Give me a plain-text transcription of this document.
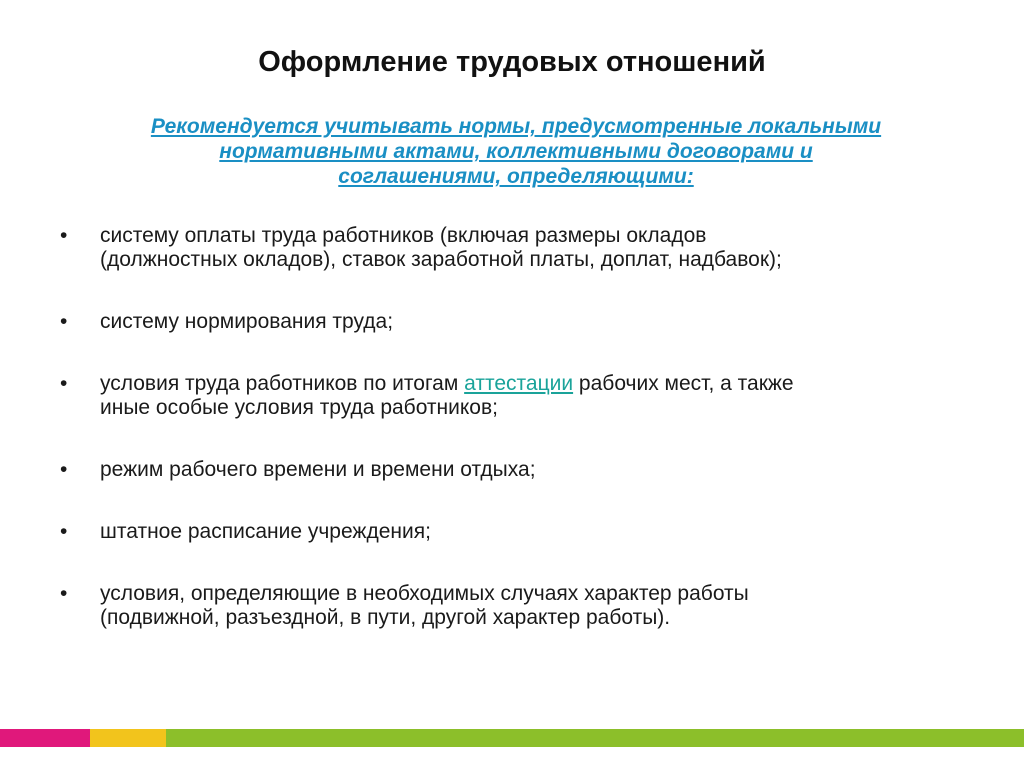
Оформление трудовых отношений
Рекомендуется учитывать нормы, предусмотренные локальными
нормативными актами, коллективными договорами и
соглашениями, определяющими:
• системy оплаты труда работников (включая размеры окладов
(должностных окладов), ставок заработной платы, доплат, надбавок);
• систему нормирования труда;
• условия труда работников по итогам аттестации рабочих мест, а также
иные особые условия труда работников;
• режим рабочего времени и времени отдыха;
• штатное расписание учреждения;
• условия, определяющие в необходимых случаях характер работы
(подвижной, разъездной, в пути, другой характер работы).
